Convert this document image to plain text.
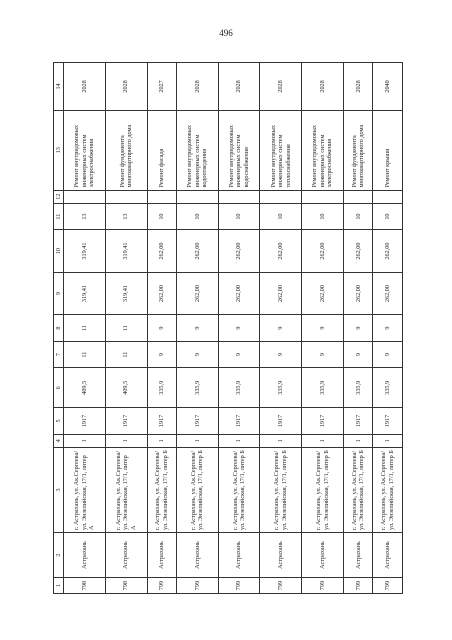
496
1	2	3	4	5	6	7	8	9	10	11	12	13	14
798	Астрахань	г. Астрахань, ул. Ак.Сергеева/ ул. Энзелийская, 17/1, литер А	1	1917	409,5	11	11	319,41	319,41	13		Ремонт внутридомовых инженерных систем электроснабжения	2028
798	Астрахань	г. Астрахань, ул. Ак.Сергеева/ ул. Энзелийская, 17/1, литер А	1	1917	409,5	11	11	319,41	319,41	13		Ремонт фундамента многоквартирного дома	2028
799	Астрахань	г. Астрахань, ул. Ак.Сергеева/ ул. Энзелийская, 17/1, литер Б	1	1917	335,9	9	9	262,00	262,00	10		Ремонт фасада	2027
799	Астрахань	г. Астрахань, ул. Ак.Сергеева/ ул. Энзелийская, 17/1, литер Б	1	1917	335,9	9	9	262,00	262,00	10		Ремонт внутридомовых инженерных систем водоотведения	2028
799	Астрахань	г. Астрахань, ул. Ак.Сергеева/ ул. Энзелийская, 17/1, литер Б	1	1917	335,9	9	9	262,00	262,00	10		Ремонт внутридомовых инженерных систем водоснабжения	2028
799	Астрахань	г. Астрахань, ул. Ак.Сергеева/ ул. Энзелийская, 17/1, литер Б	1	1917	335,9	9	9	262,00	262,00	10		Ремонт внутридомовых инженерных систем теплоснабжения	2028
799	Астрахань	г. Астрахань, ул. Ак.Сергеева/ ул. Энзелийская, 17/1, литер Б	1	1917	335,9	9	9	262,00	262,00	10		Ремонт внутридомовых инженерных систем электроснабжения	2028
799	Астрахань	г. Астрахань, ул. Ак.Сергеева/ ул. Энзелийская, 17/1, литер Б	1	1917	335,9	9	9	262,00	262,00	10		Ремонт фундамента многоквартирного дома	2028
799	Астрахань	г. Астрахань, ул. Ак.Сергеева/ ул. Энзелийская, 17/1, литер Б	1	1917	335,9	9	9	262,00	262,00	10		Ремонт крыши	2040
